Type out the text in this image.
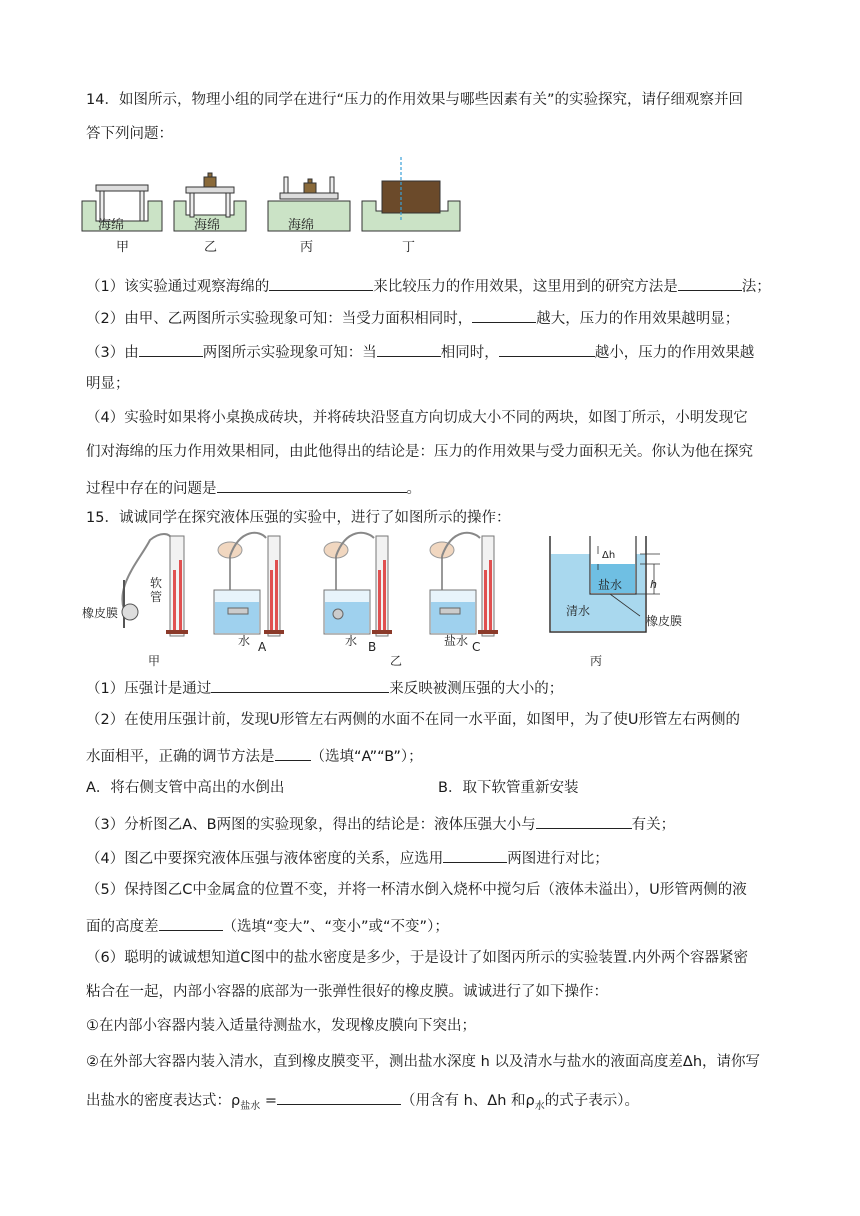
14．如图所示，物理小组的同学在进行“压力的作用效果与哪些因素有关”的实验探究，请仔细观察并回
答下列问题：
海绵	海绵	海绵
甲	乙	丙	丁
（1）该实验通过观察海绵的	来比较压力的作用效果，这里用到的研究方法是	法；
（2）由甲、乙两图所示实验现象可知：当受力面积相同时，	越大，压力的作用效果越明显；
（3）由	两图所示实验现象可知：当	相同时，	越小，压力的作用效果越
明显；
（4）实验时如果将小桌换成砖块，并将砖块沿竖直方向切成大小不同的两块，如图丁所示，小明发现它
们对海绵的压力作用效果相同，由此他得出的结论是：压力的作用效果与受力面积无关。你认为他在探究
过程中存在的问题是	。
15．诚诚同学在探究液体压强的实验中，进行了如图所示的操作：
软
管
橡皮膜
水 A	水 B	盐水 C
甲	乙	丙
Δh
h
盐水
清水
橡皮膜
（1）压强计是通过	来反映被测压强的大小的；
（2）在使用压强计前，发现U形管左右两侧的水面不在同一水平面，如图甲，为了使U形管左右两侧的
水面相平，正确的调节方法是 （选填“A”“B”）；
A．将右侧支管中高出的水倒出	B．取下软管重新安装
（3）分析图乙A、B两图的实验现象，得出的结论是：液体压强大小与	有关；
（4）图乙中要探究液体压强与液体密度的关系，应选用	两图进行对比；
（5）保持图乙C中金属盒的位置不变，并将一杯清水倒入烧杯中搅匀后（液体未溢出），U形管两侧的液
面的高度差	（选填“变大”、“变小”或“不变”）；
（6）聪明的诚诚想知道C图中的盐水密度是多少，于是设计了如图丙所示的实验装置.内外两个容器紧密
粘合在一起，内部小容器的底部为一张弹性很好的橡皮膜。诚诚进行了如下操作：
①在内部小容器内装入适量待测盐水，发现橡皮膜向下突出；
②在外部大容器内装入清水，直到橡皮膜变平，测出盐水深度 h 以及清水与盐水的液面高度差Δh，请你写
出盐水的密度表达式：$\rho_{盐水}$ =	（用含有 h、Δh 和$\rho_水$的式子表示）。
